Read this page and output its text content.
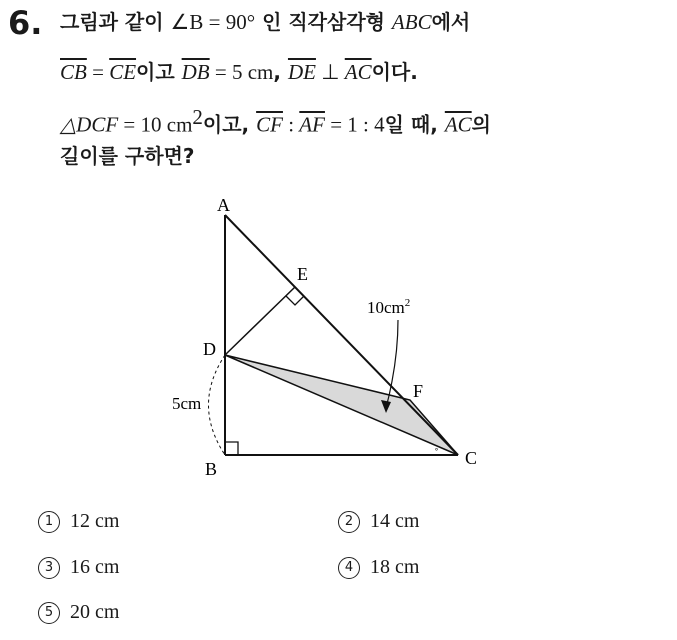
6. 그림과 같이 ∠B = 90° 인 직각삼각형 ABC에서
$\overline{CB} = \overline{CE}$이고 $\overline{DB} = 5$ cm, $\overline{DE}$ ⊥ $\overline{AC}$이다.
△DCF = 10 $cm^2$이고, $\overline{CF}$ : $\overline{AF} = 1$ : 4일 때, $\overline{AC}$의
길이를 구하면?
∘
A
B
C
D
E
F
$10cm^2$
5cm
1 12 cm	2 14 cm
3 16 cm	4 18 cm
5 20 cm
